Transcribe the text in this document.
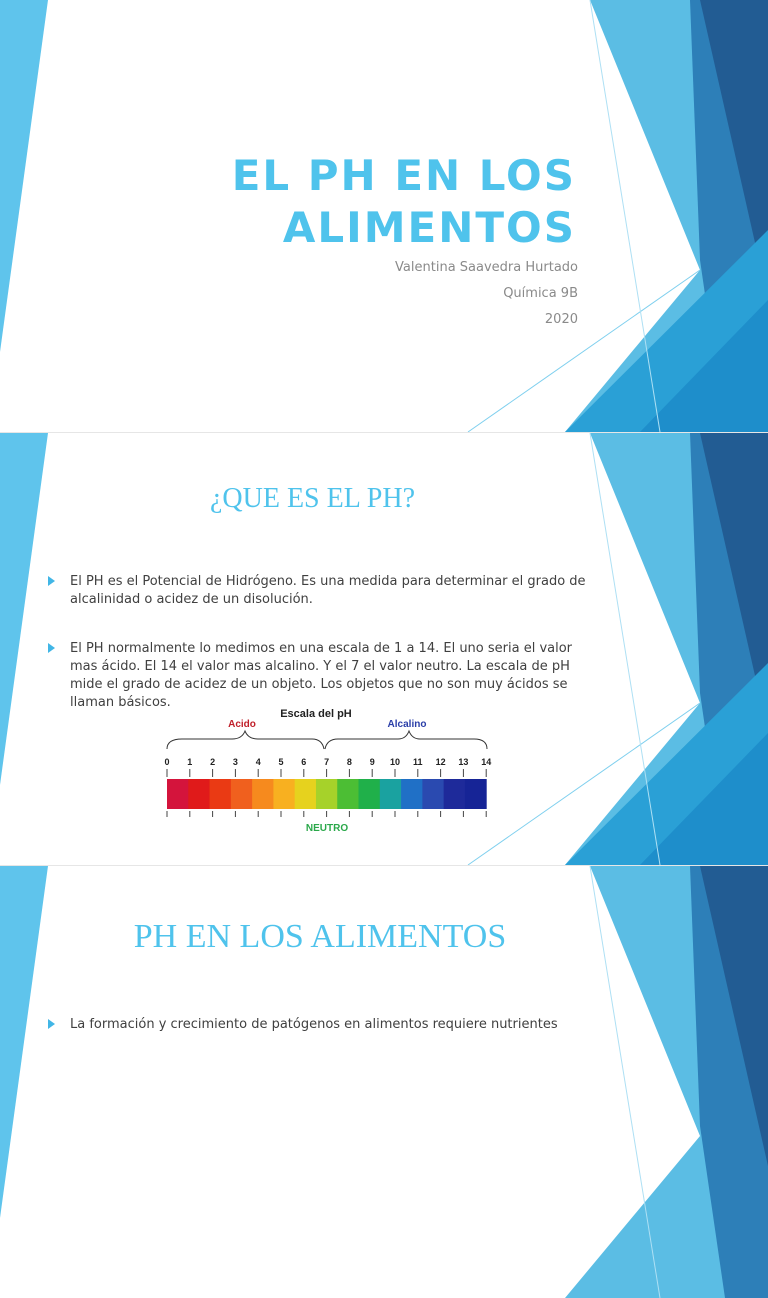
EL PH EN LOS
ALIMENTOS
Valentina Saavedra Hurtado
Química 9B
2020
¿QUE ES EL PH?
El PH es el Potencial de Hidrógeno. Es una medida para determinar el grado de alcalinidad o acidez de un disolución.
El PH normalmente lo medimos en una escala de 1 a 14. El uno seria el valor mas ácido. El 14 el valor mas alcalino. Y el 7 el valor neutro. La escala de pH mide el grado de acidez de un objeto. Los objetos que no son muy ácidos se llaman básicos.
Escala del pH
Acido	Alcalino
0 1 2 3 4 5 6 7 8 9 10 11 12 13 14
NEUTRO
PH EN LOS ALIMENTOS
La formación y crecimiento de patógenos en alimentos requiere nutrientes
